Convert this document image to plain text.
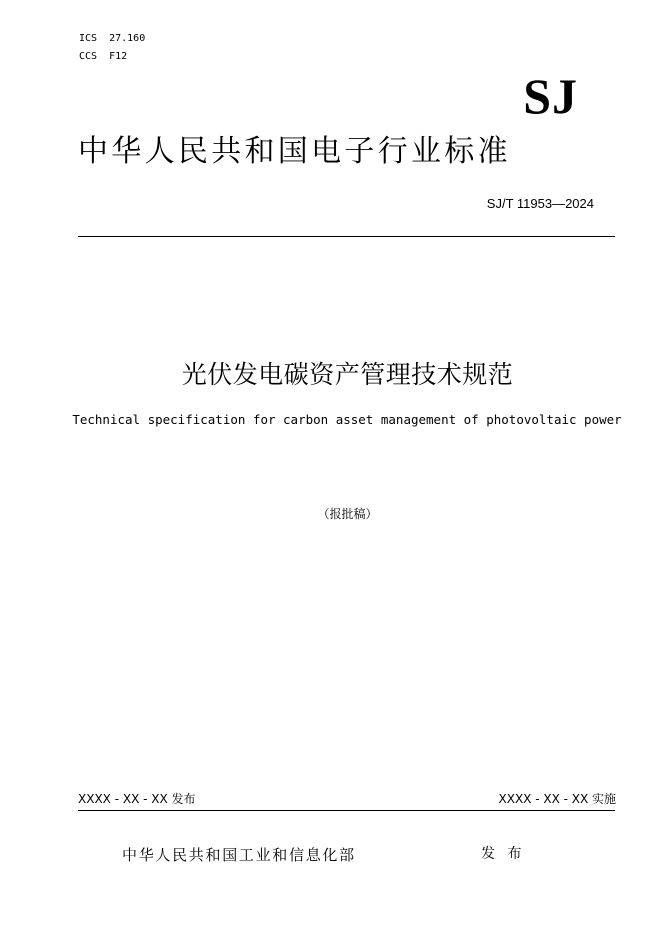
ICS  27.160
CCS  F12
SJ
中华人民共和国电子行业标准
SJ/T 11953—2024
光伏发电碳资产管理技术规范
Technical specification for carbon asset management of photovoltaic power
（报批稿）
XXXX - XX - XX 发布	XXXX - XX - XX 实施
中华人民共和国工业和信息化部	发 布
